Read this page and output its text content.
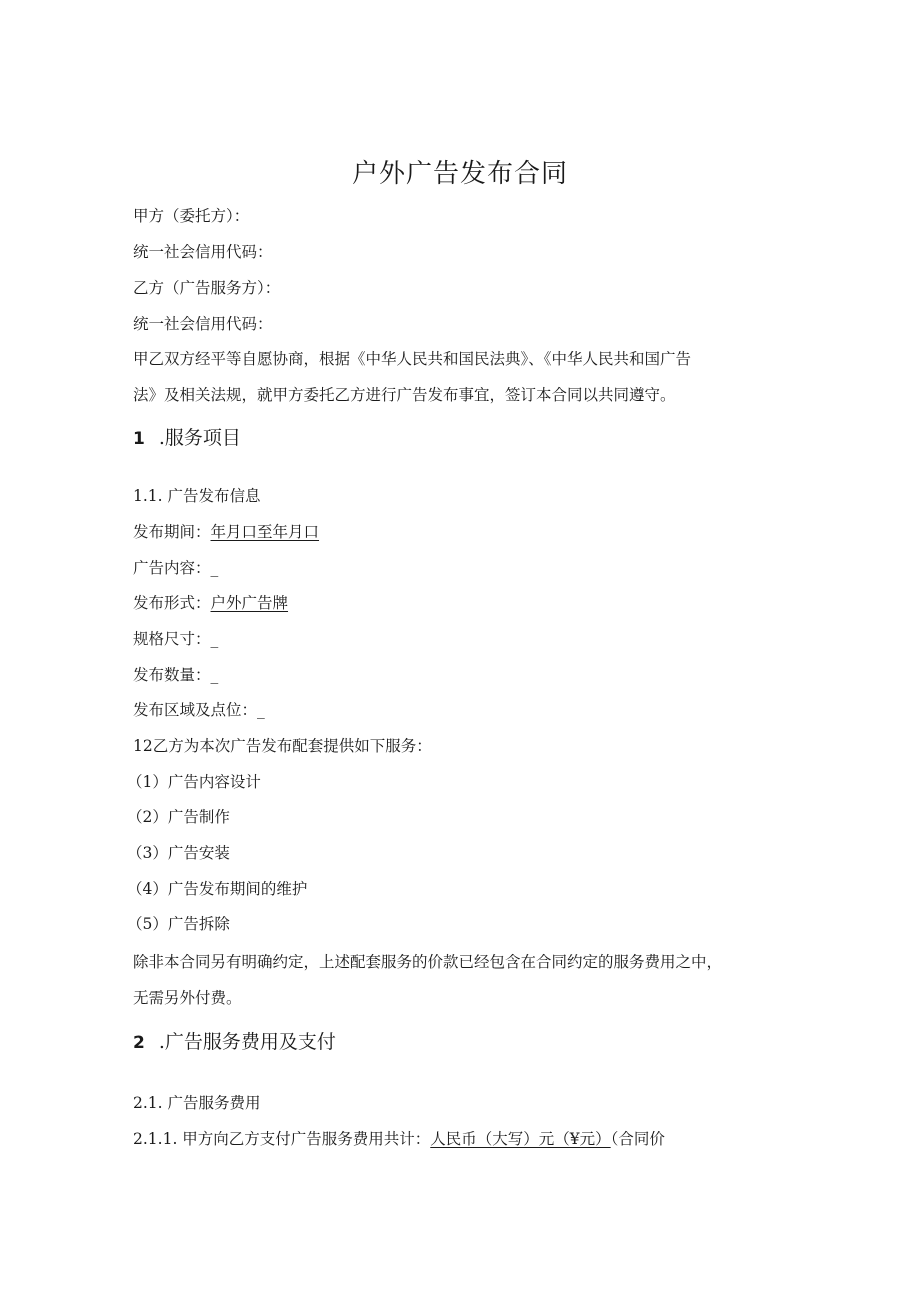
户外广告发布合同
甲方（委托方）：
统一社会信用代码：
乙方（广告服务方）：
统一社会信用代码：
甲乙双方经平等自愿协商，根据《中华人民共和国民法典》、《中华人民共和国广告
法》及相关法规，就甲方委托乙方进行广告发布事宜，签订本合同以共同遵守。
1 .服务项目
1.1. 广告发布信息
发布期间：年月口至年月口
广告内容：_
发布形式：户外广告牌
规格尺寸：_
发布数量：_
发布区域及点位：_
12乙方为本次广告发布配套提供如下服务：
（1）广告内容设计
（2）广告制作
（3）广告安装
（4）广告发布期间的维护
（5）广告拆除
除非本合同另有明确约定，上述配套服务的价款已经包含在合同约定的服务费用之中，
无需另外付费。
2 .广告服务费用及支付
2.1. 广告服务费用
2.1.1. 甲方向乙方支付广告服务费用共计：人民币（大写）元（¥元）（合同价
